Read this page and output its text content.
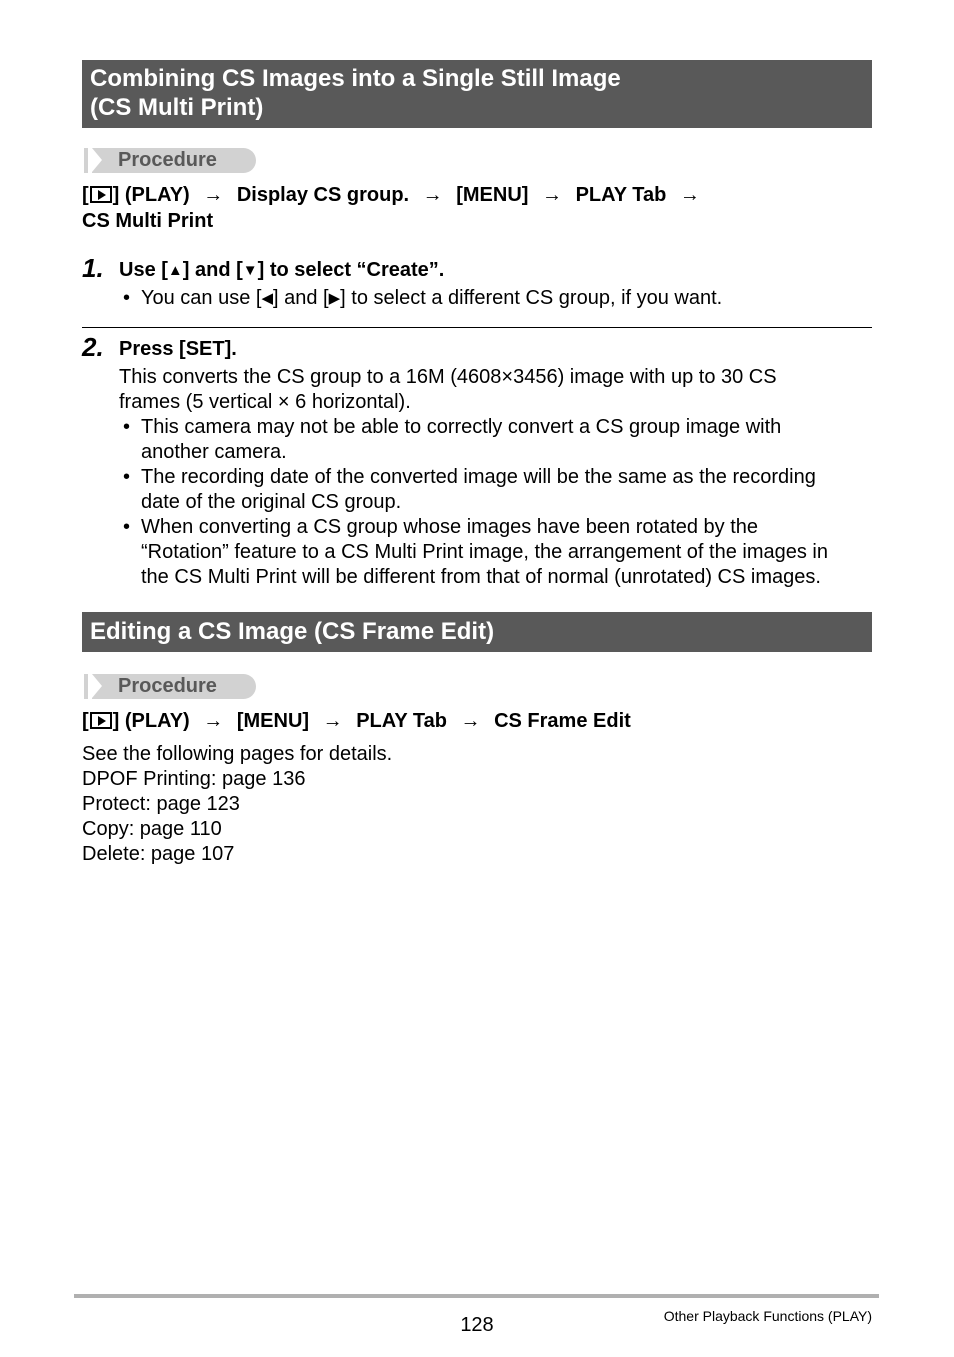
Combining CS Images into a Single Still Image
(CS Multi Print)
Procedure
[ ] (PLAY) → Display CS group. → [MENU] → PLAY Tab →
CS Multi Print
1. Use [▲] and [▼] to select “Create”.
• You can use [◀] and [▶] to select a different CS group, if you want.
2. Press [SET].
This converts the CS group to a 16M (4608×3456) image with up to 30 CS
frames (5 vertical × 6 horizontal).
• This camera may not be able to correctly convert a CS group image with
another camera.
• The recording date of the converted image will be the same as the recording
date of the original CS group.
• When converting a CS group whose images have been rotated by the
“Rotation” feature to a CS Multi Print image, the arrangement of the images in
the CS Multi Print will be different from that of normal (unrotated) CS images.
Editing a CS Image (CS Frame Edit)
Procedure
[ ] (PLAY) → [MENU] → PLAY Tab → CS Frame Edit
See the following pages for details.
DPOF Printing: page 136
Protect: page 123
Copy: page 110
Delete: page 107
128	Other Playback Functions (PLAY)
